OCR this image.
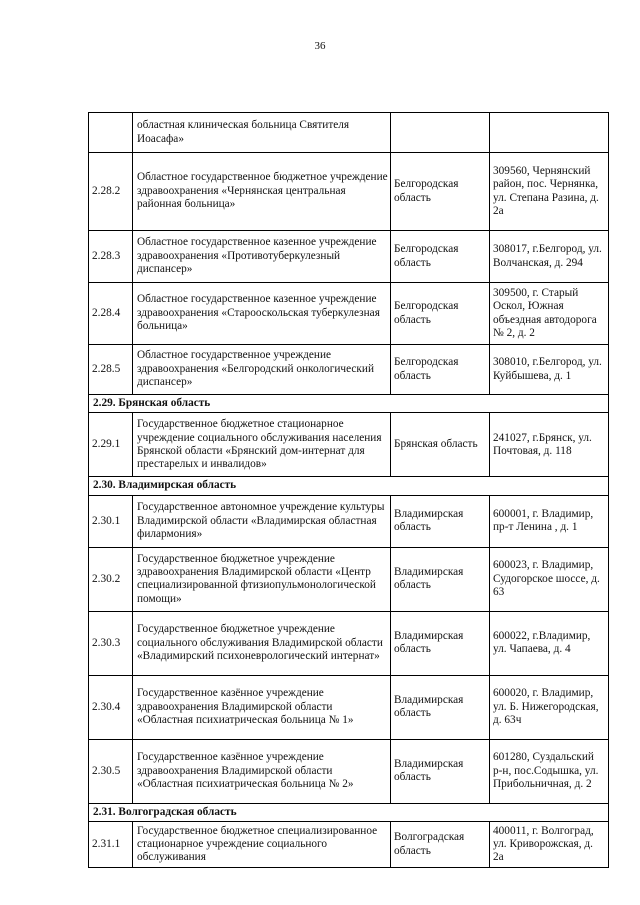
36
	областная клиническая больница Святителя Иоасафа»		
2.28.2	Областное государственное бюджетное учреждение здравоохранения «Чернянская центральная районная больница»	Белгородская область	309560, Чернянский район, пос. Чернянка, ул. Степана Разина, д. 2а
2.28.3	Областное государственное казенное учреждение здравоохранения «Противотуберкулезный диспансер»	Белгородская область	308017, г.Белгород, ул. Волчанская, д. 294
2.28.4	Областное государственное казенное учреждение здравоохранения «Старооскольская туберкулезная больница»	Белгородская область	309500, г. Старый Оскол, Южная объездная автодорога № 2, д. 2
2.28.5	Областное государственное учреждение здравоохранения «Белгородский онкологический диспансер»	Белгородская область	308010, г.Белгород, ул. Куйбышева, д. 1
2.29. Брянская область			
2.29.1	Государственное бюджетное стационарное учреждение социального обслуживания населения Брянской области «Брянский дом-интернат для престарелых и инвалидов»	Брянская область	241027, г.Брянск, ул. Почтовая, д. 118
2.30. Владимирская область			
2.30.1	Государственное автономное учреждение культуры Владимирской области «Владимирская областная филармония»	Владимирская область	600001, г. Владимир, пр-т Ленина , д. 1
2.30.2	Государственное бюджетное учреждение здравоохранения Владимирской области «Центр специализированной фтизиопульмонологической помощи»	Владимирская область	600023, г. Владимир, Судогорское шоссе, д. 63
2.30.3	Государственное бюджетное учреждение социального обслуживания Владимирской области «Владимирский психоневрологический интернат»	Владимирская область	600022, г.Владимир, ул. Чапаева, д. 4
2.30.4	Государственное казённое учреждение здравоохранения Владимирской области «Областная психиатрическая больница № 1»	Владимирская область	600020, г. Владимир, ул. Б. Нижегородская, д. 63ч
2.30.5	Государственное казённое учреждение здравоохранения Владимирской области «Областная психиатрическая больница № 2»	Владимирская область	601280, Суздальский р-н, пос.Содышка, ул. Прибольничная, д. 2
2.31. Волгоградская область			
2.31.1	Государственное бюджетное специализированное стационарное учреждение социального обслуживания	Волгоградская область	400011, г. Волгоград, ул. Криворожская, д. 2а
